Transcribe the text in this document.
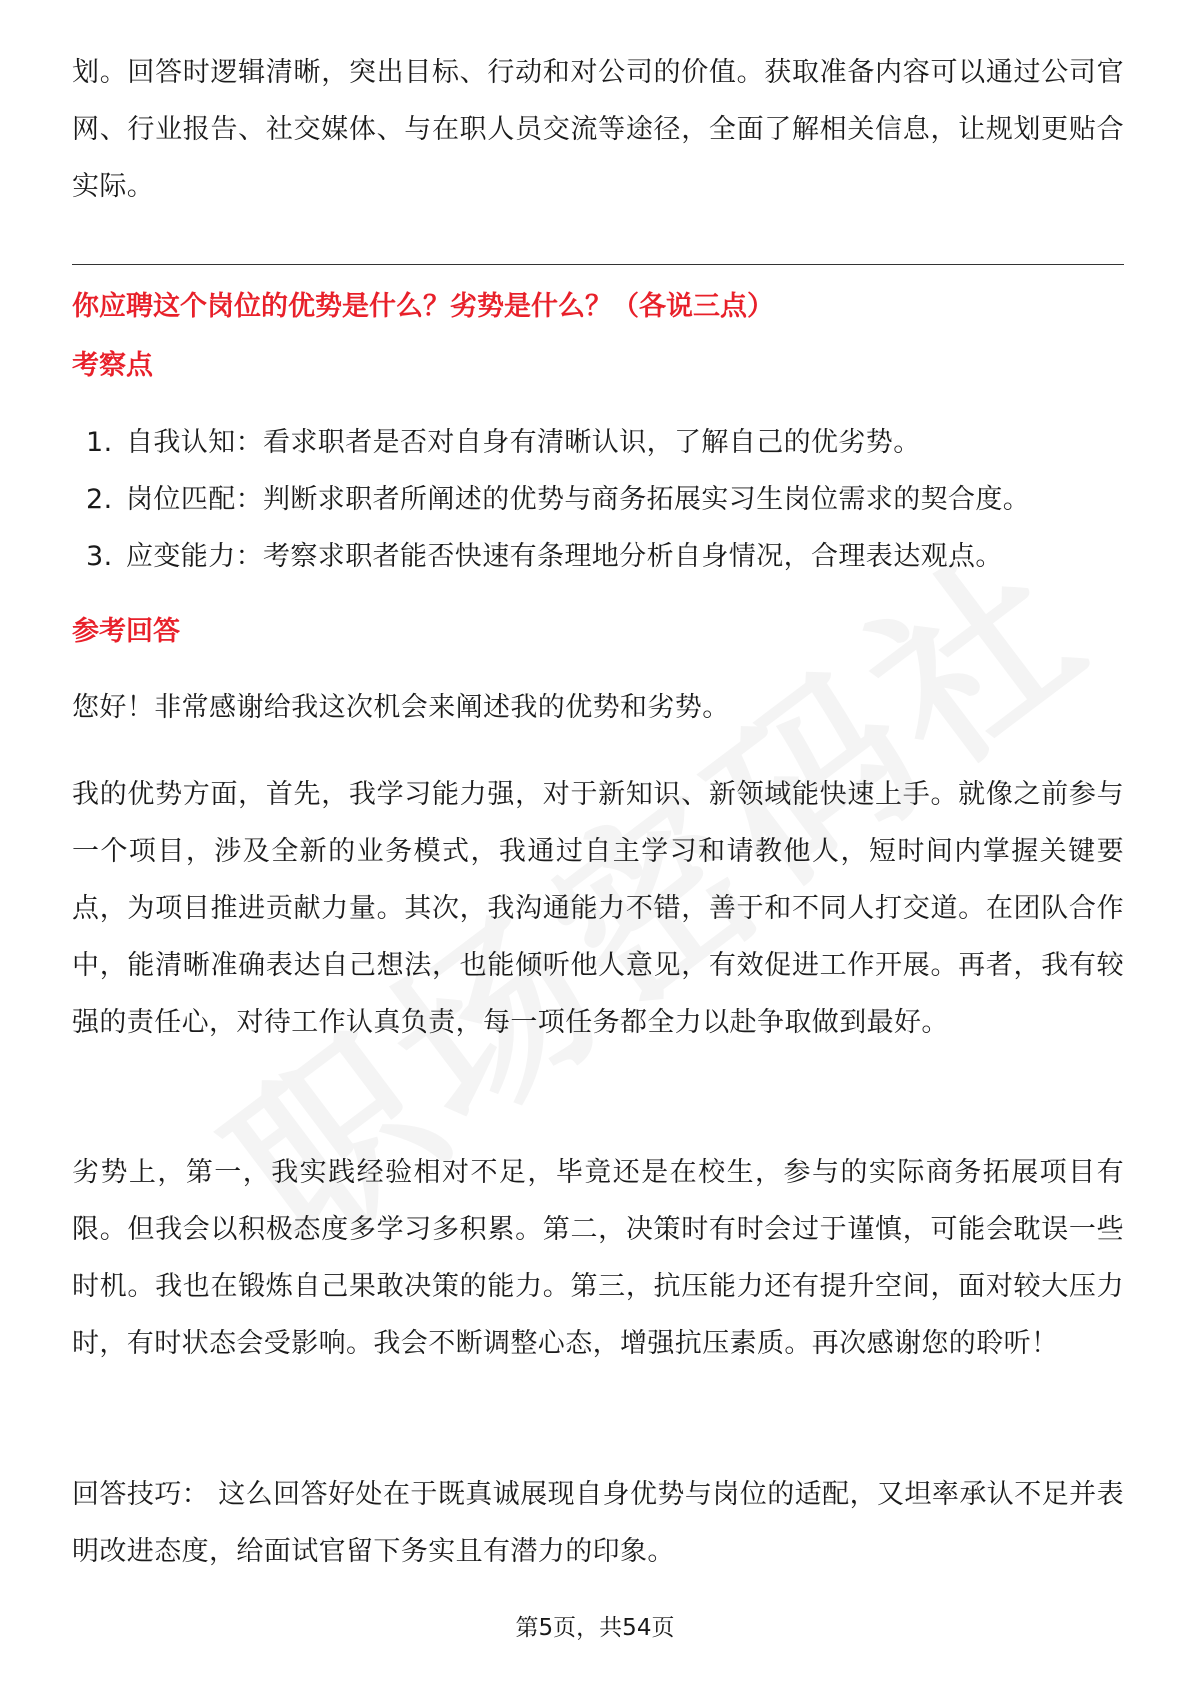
划。回答时逻辑清晰，突出目标、行动和对公司的价值。获取准备内容可以通过公司官网、行业报告、社交媒体、与在职人员交流等途径，全面了解相关信息，让规划更贴合实际。

你应聘这个岗位的优势是什么？劣势是什么？（各说三点）
考察点
1. 自我认知：看求职者是否对自身有清晰认识，了解自己的优劣势。
2. 岗位匹配：判断求职者所阐述的优势与商务拓展实习生岗位需求的契合度。
3. 应变能力：考察求职者能否快速有条理地分析自身情况，合理表达观点。
参考回答

您好！非常感谢给我这次机会来阐述我的优势和劣势。

我的优势方面，首先，我学习能力强，对于新知识、新领域能快速上手。就像之前参与一个项目，涉及全新的业务模式，我通过自主学习和请教他人，短时间内掌握关键要点，为项目推进贡献力量。其次，我沟通能力不错，善于和不同人打交道。在团队合作中，能清晰准确表达自己想法，也能倾听他人意见，有效促进工作开展。再者，我有较强的责任心，对待工作认真负责，每一项任务都全力以赴争取做到最好。

劣势上，第一，我实践经验相对不足，毕竟还是在校生，参与的实际商务拓展项目有限。但我会以积极态度多学习多积累。第二，决策时有时会过于谨慎，可能会耽误一些时机。我也在锻炼自己果敢决策的能力。第三，抗压能力还有提升空间，面对较大压力时，有时状态会受影响。我会不断调整心态，增强抗压素质。再次感谢您的聆听！

回答技巧： 这么回答好处在于既真诚展现自身优势与岗位的适配，又坦率承认不足并表明改进态度，给面试官留下务实且有潜力的印象。

第5页，共54页
